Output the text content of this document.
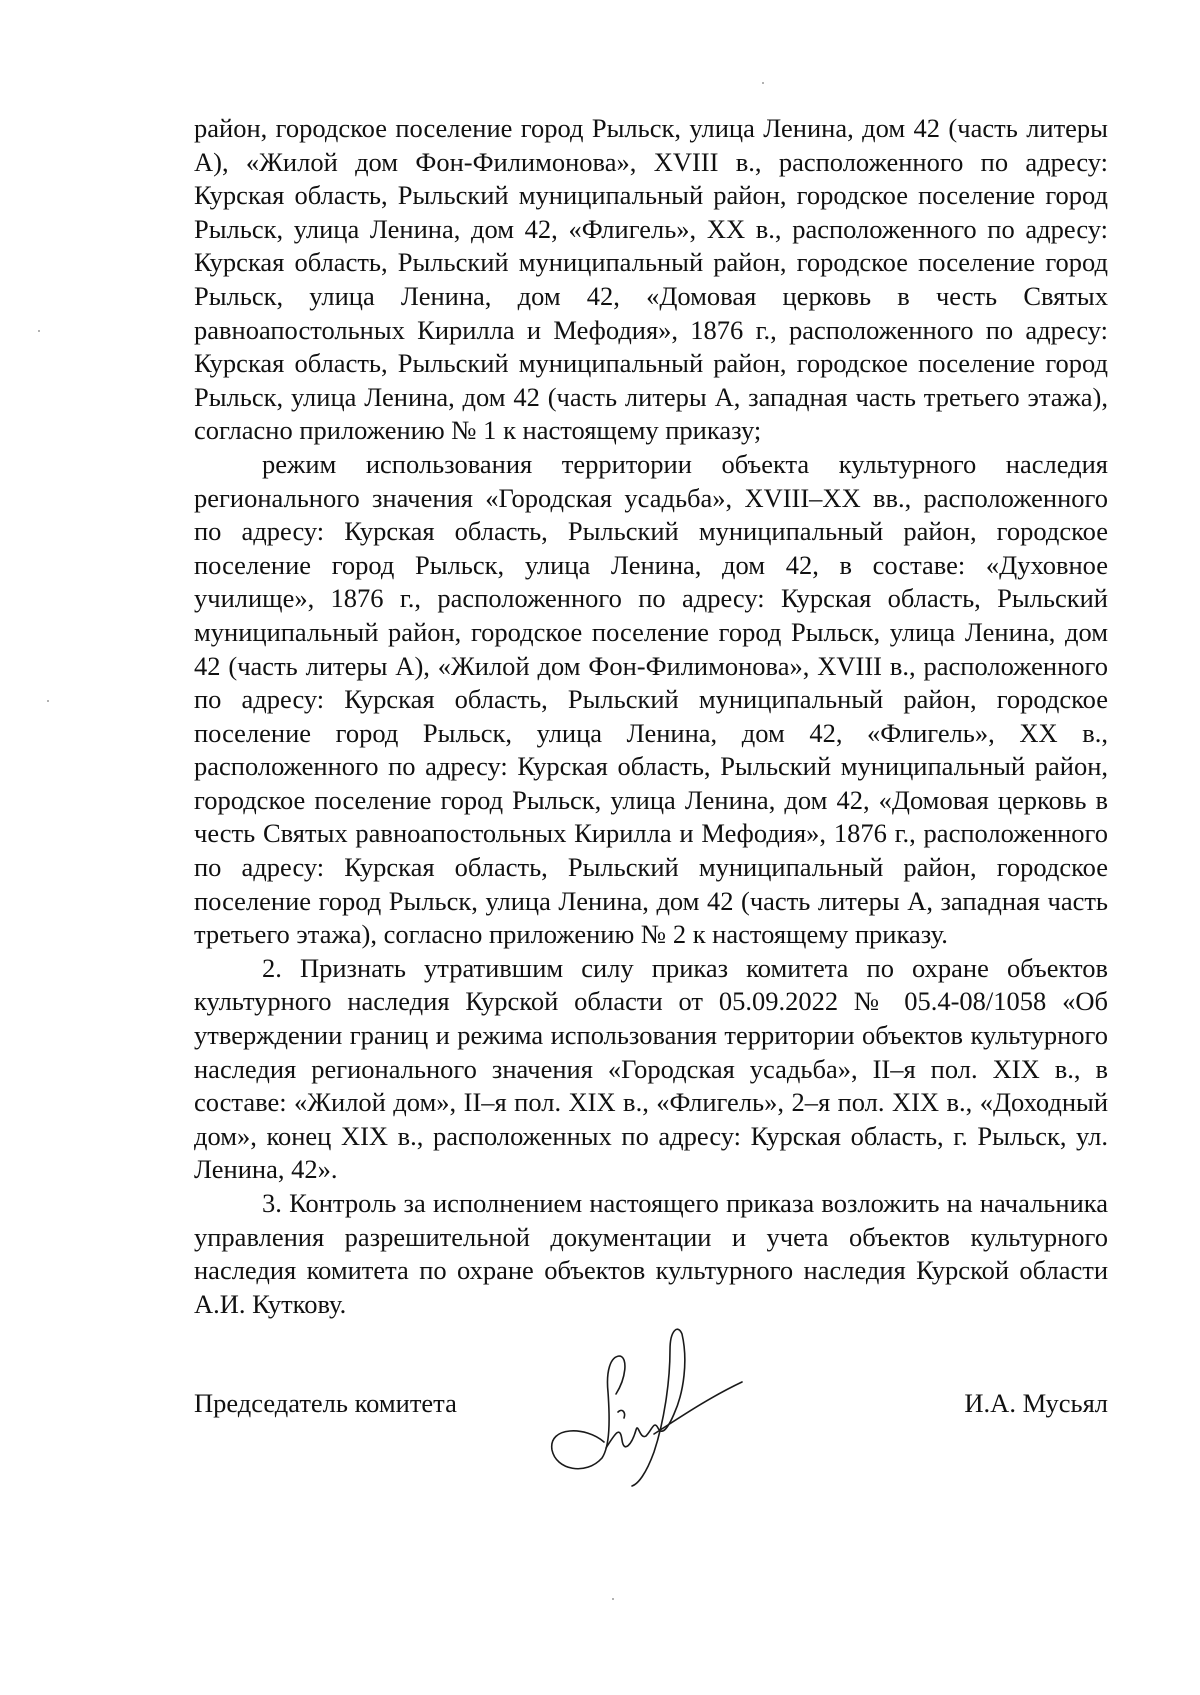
район, городское поселение город Рыльск, улица Ленина, дом 42 (часть литеры А), «Жилой дом Фон-Филимонова», XVIII в., расположенного по адресу: Курская область, Рыльский муниципальный район, городское поселение город Рыльск, улица Ленина, дом 42, «Флигель», XX в., расположенного по адресу: Курская область, Рыльский муниципальный район, городское поселение город Рыльск, улица Ленина, дом 42, «Домовая церковь в честь Святых равноапостольных Кирилла и Мефодия», 1876 г., расположенного по адресу: Курская область, Рыльский муниципальный район, городское поселение город Рыльск, улица Ленина, дом 42 (часть литеры А, западная часть третьего этажа), согласно приложению № 1 к настоящему приказу;

режим использования территории объекта культурного наследия регионального значения «Городская усадьба», XVIII–XX вв., расположенного по адресу: Курская область, Рыльский муниципальный район, городское поселение город Рыльск, улица Ленина, дом 42, в составе: «Духовное училище», 1876 г., расположенного по адресу: Курская область, Рыльский муниципальный район, городское поселение город Рыльск, улица Ленина, дом 42 (часть литеры А), «Жилой дом Фон-Филимонова», XVIII в., расположенного по адресу: Курская область, Рыльский муниципальный район, городское поселение город Рыльск, улица Ленина, дом 42, «Флигель», XX в., расположенного по адресу: Курская область, Рыльский муниципальный район, городское поселение город Рыльск, улица Ленина, дом 42, «Домовая церковь в честь Святых равноапостольных Кирилла и Мефодия», 1876 г., расположенного по адресу: Курская область, Рыльский муниципальный район, городское поселение город Рыльск, улица Ленина, дом 42 (часть литеры А, западная часть третьего этажа), согласно приложению № 2 к настоящему приказу.

2. Признать утратившим силу приказ комитета по охране объектов культурного наследия Курской области от 05.09.2022 № 05.4-08/1058 «Об утверждении границ и режима использования территории объектов культурного наследия регионального значения «Городская усадьба», II–я пол. XIX в., в составе: «Жилой дом», II–я пол. XIX в., «Флигель», 2–я пол. XIX в., «Доходный дом», конец XIX в., расположенных по адресу: Курская область, г. Рыльск, ул. Ленина, 42».

3. Контроль за исполнением настоящего приказа возложить на начальника управления разрешительной документации и учета объектов культурного наследия комитета по охране объектов культурного наследия Курской области А.И. Куткову.

Председатель комитета	И.А. Мусьял
